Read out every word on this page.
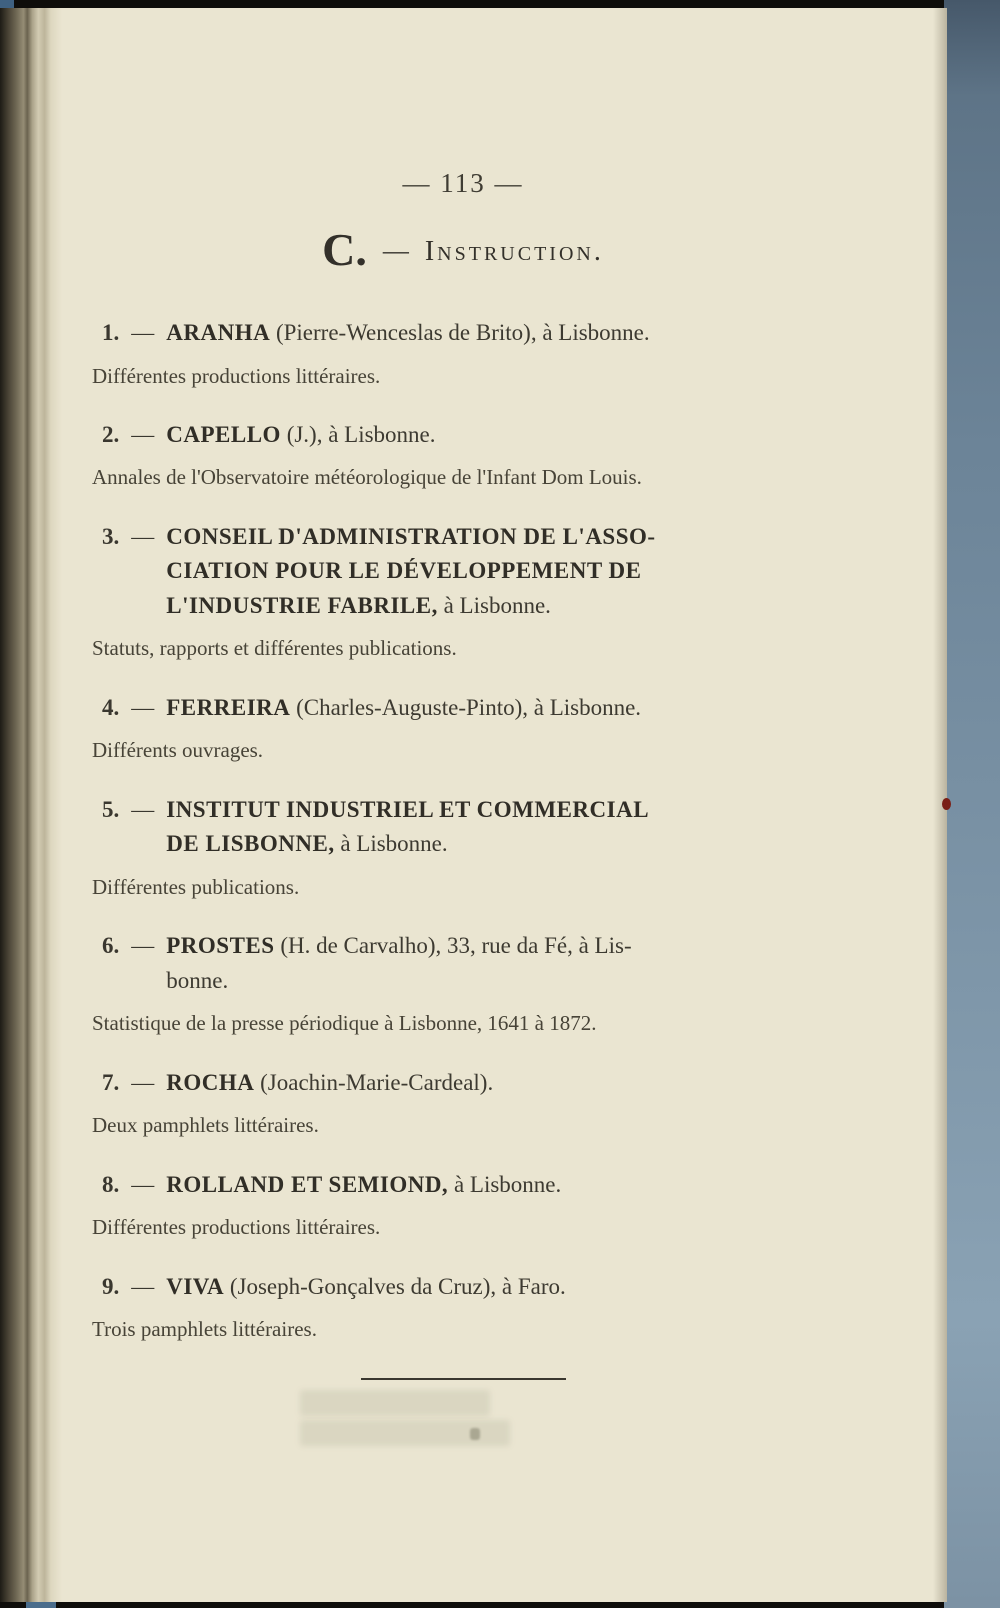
— 113 —
C. — Instruction.

1. — ARANHA (Pierre-Wenceslas de Brito), à Lisbonne.

Différentes productions littéraires.

2. — CAPELLO (J.), à Lisbonne.

Annales de l'Observatoire météorologique de l'Infant Dom Louis.

3. — CONSEIL D'ADMINISTRATION DE L'ASSO-
CIATION POUR LE DÉVELOPPEMENT DE
L'INDUSTRIE FABRILE, à Lisbonne.

Statuts, rapports et différentes publications.

4. — FERREIRA (Charles-Auguste-Pinto), à Lisbonne.

Différents ouvrages.

5. — INSTITUT INDUSTRIEL ET COMMERCIAL
DE LISBONNE, à Lisbonne.

Différentes publications.

6. — PROSTES (H. de Carvalho), 33, rue da Fé, à Lis-
bonne.

Statistique de la presse périodique à Lisbonne, 1641 à 1872.

7. — ROCHA (Joachin-Marie-Cardeal).

Deux pamphlets littéraires.

8. — ROLLAND ET SEMIOND, à Lisbonne.

Différentes productions littéraires.

9. — VIVA (Joseph-Gonçalves da Cruz), à Faro.

Trois pamphlets littéraires.
